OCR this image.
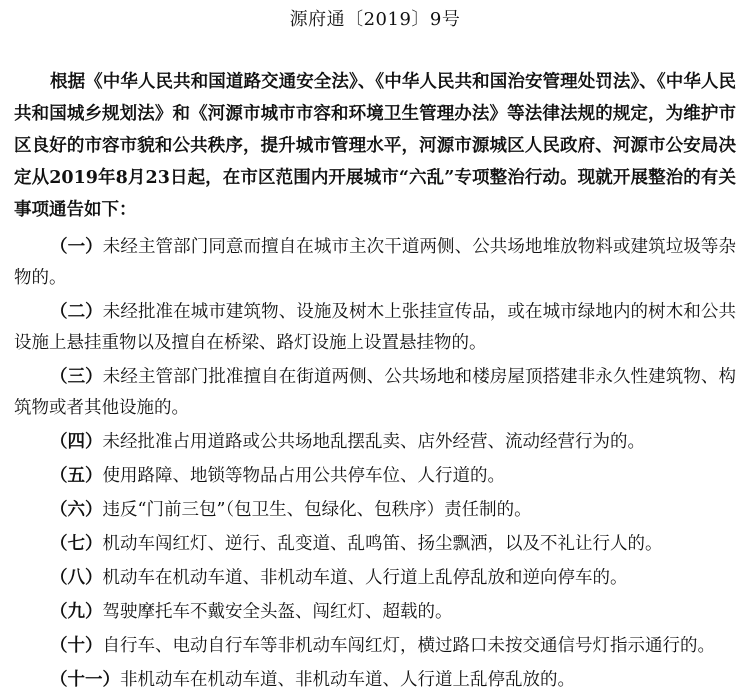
源府通〔2019〕9号

根据《中华人民共和国道路交通安全法》、《中华人民共和国治安管理处罚法》、《中华人民共和国城乡规划法》和《河源市城市市容和环境卫生管理办法》等法律法规的规定，为维护市区良好的市容市貌和公共秩序，提升城市管理水平，河源市源城区人民政府、河源市公安局决定从2019年8月23日起，在市区范围内开展城市“六乱”专项整治行动。现就开展整治的有关事项通告如下：

（一）未经主管部门同意而擅自在城市主次干道两侧、公共场地堆放物料或建筑垃圾等杂物的。
（二）未经批准在城市建筑物、设施及树木上张挂宣传品，或在城市绿地内的树木和公共设施上悬挂重物以及擅自在桥梁、路灯设施上设置悬挂物的。
（三）未经主管部门批准擅自在街道两侧、公共场地和楼房屋顶搭建非永久性建筑物、构筑物或者其他设施的。
（四）未经批准占用道路或公共场地乱摆乱卖、店外经营、流动经营行为的。
（五）使用路障、地锁等物品占用公共停车位、人行道的。
（六）违反“门前三包”（包卫生、包绿化、包秩序）责任制的。
（七）机动车闯红灯、逆行、乱变道、乱鸣笛、扬尘飘洒，以及不礼让行人的。
（八）机动车在机动车道、非机动车道、人行道上乱停乱放和逆向停车的。
（九）驾驶摩托车不戴安全头盔、闯红灯、超载的。
（十）自行车、电动自行车等非机动车闯红灯，横过路口未按交通信号灯指示通行的。
（十一）非机动车在机动车道、非机动车道、人行道上乱停乱放的。
